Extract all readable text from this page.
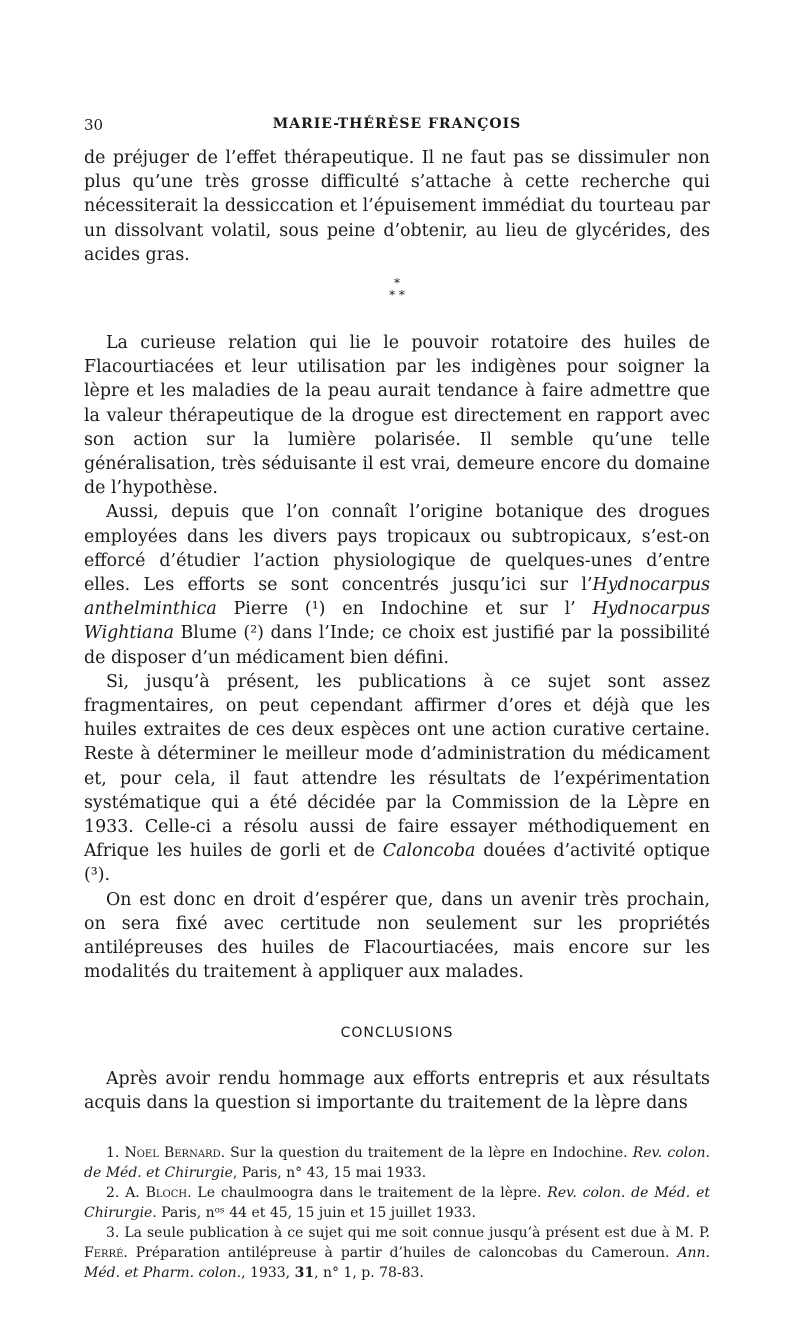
30	MARIE-THÉRÈSE FRANÇOIS

de préjuger de l’effet thérapeutique. Il ne faut pas se dissimuler non plus qu’une très grosse difficulté s’attache à cette recherche qui nécessiterait la dessiccation et l’épuisement immédiat du tourteau par un dissolvant volatil, sous peine d’obtenir, au lieu de glycérides, des acides gras.

*
* *

La curieuse relation qui lie le pouvoir rotatoire des huiles de Flacourtiacées et leur utilisation par les indigènes pour soigner la lèpre et les maladies de la peau aurait tendance à faire admettre que la valeur thérapeutique de la drogue est directement en rapport avec son action sur la lumière polarisée. Il semble qu’une telle généralisation, très séduisante il est vrai, demeure encore du domaine de l’hypothèse.

Aussi, depuis que l’on connaît l’origine botanique des drogues employées dans les divers pays tropicaux ou subtropicaux, s’est-on efforcé d’étudier l’action physiologique de quelques-unes d’entre elles. Les efforts se sont concentrés jusqu’ici sur l’Hydnocarpus anthelminthica Pierre (¹) en Indochine et sur l’ Hydnocarpus Wightiana Blume (²) dans l’Inde; ce choix est justifié par la possibilité de disposer d’un médicament bien défini.

Si, jusqu’à présent, les publications à ce sujet sont assez fragmentaires, on peut cependant affirmer d’ores et déjà que les huiles extraites de ces deux espèces ont une action curative certaine. Reste à déterminer le meilleur mode d’administration du médicament et, pour cela, il faut attendre les résultats de l’expérimentation systématique qui a été décidée par la Commission de la Lèpre en 1933. Celle-ci a résolu aussi de faire essayer méthodiquement en Afrique les huiles de gorli et de Caloncoba douées d’activité optique (³).

On est donc en droit d’espérer que, dans un avenir très prochain, on sera fixé avec certitude non seulement sur les propriétés antilépreuses des huiles de Flacourtiacées, mais encore sur les modalités du traitement à appliquer aux malades.

CONCLUSIONS

Après avoir rendu hommage aux efforts entrepris et aux résultats acquis dans la question si importante du traitement de la lèpre dans

1. Noel Bernard. Sur la question du traitement de la lèpre en Indochine. Rev. colon. de Méd. et Chirurgie, Paris, n° 43, 15 mai 1933.

2. A. Bloch. Le chaulmoogra dans le traitement de la lèpre. Rev. colon. de Méd. et Chirurgie. Paris, nᵒˢ 44 et 45, 15 juin et 15 juillet 1933.

3. La seule publication à ce sujet qui me soit connue jusqu’à présent est due à M. P. Ferré. Préparation antilépreuse à partir d’huiles de caloncobas du Cameroun. Ann. Méd. et Pharm. colon., 1933, 31, n° 1, p. 78-83.
